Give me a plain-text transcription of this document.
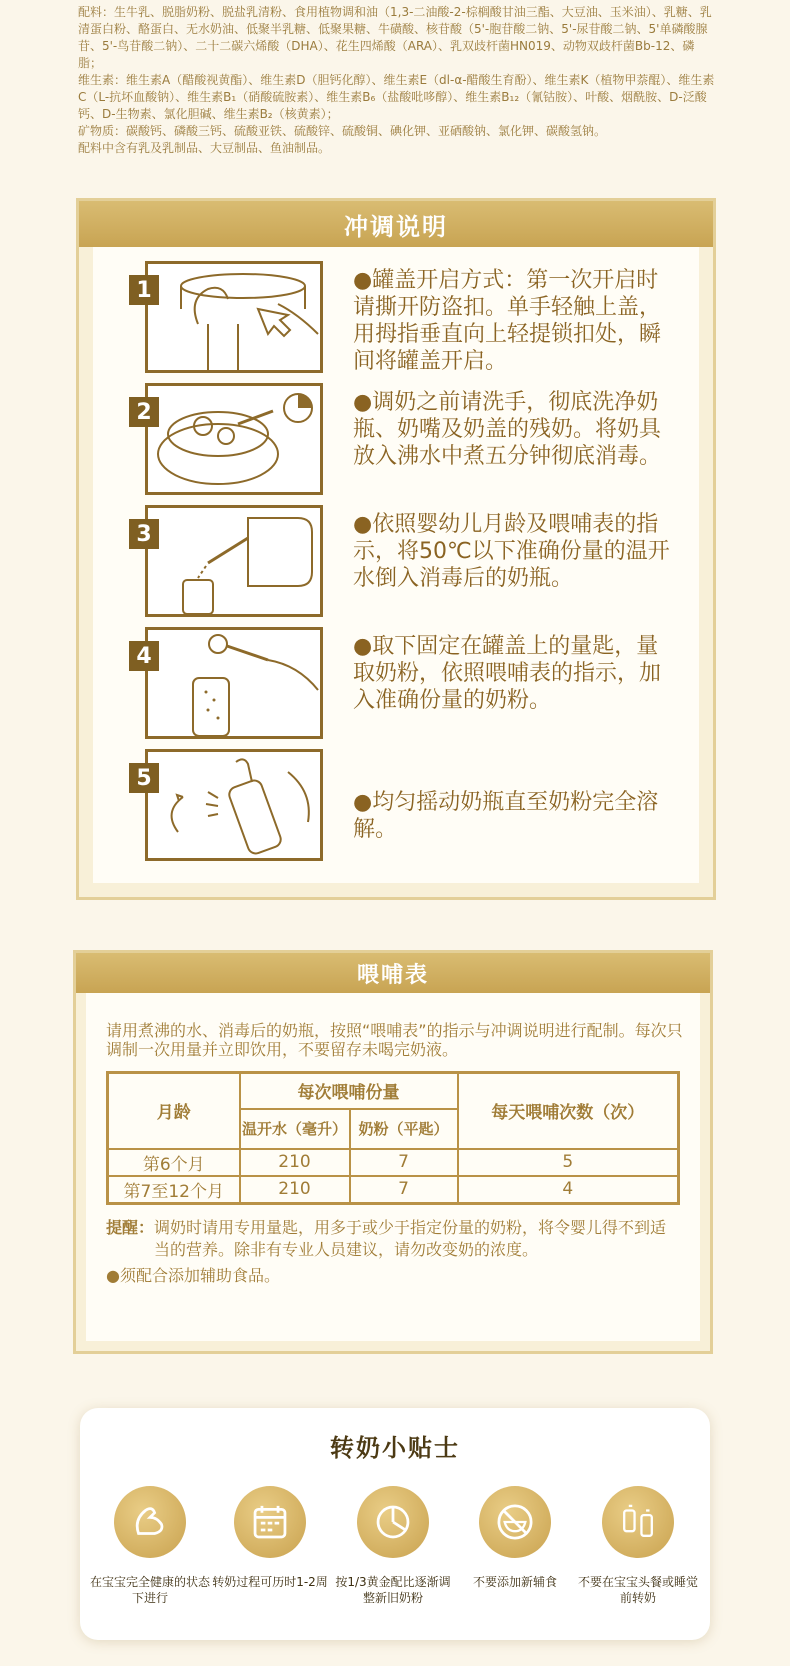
配料：生牛乳、脱脂奶粉、脱盐乳清粉、食用植物调和油（1,3-二油酸-2-棕榈酸甘油三酯、大豆油、玉米油）、乳糖、乳清蛋白粉、酪蛋白、无水奶油、低聚半乳糖、低聚果糖、牛磺酸、核苷酸（5'-胞苷酸二钠、5'-尿苷酸二钠、5'单磷酸腺苷、5'-鸟苷酸二钠）、二十二碳六烯酸（DHA）、花生四烯酸（ARA）、乳双歧杆菌HN019、动物双歧杆菌Bb-12、磷脂；

维生素：维生素A（醋酸视黄酯）、维生素D（胆钙化醇）、维生素E（dl-α-醋酸生育酚）、维生素K（植物甲萘醌）、维生素C（L-抗坏血酸钠）、维生素B₁（硝酸硫胺素）、维生素B₆（盐酸吡哆醇）、维生素B₁₂（氰钴胺）、叶酸、烟酰胺、D-泛酸钙、D-生物素、氯化胆碱、维生素B₂（核黄素）；

矿物质：碳酸钙、磷酸三钙、硫酸亚铁、硫酸锌、硫酸铜、碘化钾、亚硒酸钠、氯化钾、碳酸氢钠。

配料中含有乳及乳制品、大豆制品、鱼油制品。

冲调说明
1	●罐盖开启方式：第一次开启时请撕开防盗扣。单手轻触上盖，用拇指垂直向上轻提锁扣处，瞬间将罐盖开启。
2	●调奶之前请洗手，彻底洗净奶瓶、奶嘴及奶盖的残奶。将奶具放入沸水中煮五分钟彻底消毒。
3	●依照婴幼儿月龄及喂哺表的指示，将50℃以下准确份量的温开水倒入消毒后的奶瓶。
4	●取下固定在罐盖上的量匙，量取奶粉，依照喂哺表的指示，加入准确份量的奶粉。
5
●均匀摇动奶瓶直至奶粉完全溶解。
喂哺表

请用煮沸的水、消毒后的奶瓶，按照“喂哺表”的指示与冲调说明进行配制。每次只调制一次用量并立即饮用，不要留存未喝完奶液。

月龄	每次喂哺份量		每天喂哺次数（次）
	温开水（毫升）	奶粉（平匙）	
第6个月	210	7	5
第7至12个月	210	7	4
提醒： 调奶时请用专用量匙，用多于或少于指定份量的奶粉，将令婴儿得不到适当的营养。除非有专业人员建议，请勿改变奶的浓度。
●须配合添加辅助食品。
转奶小贴士
在宝宝完全健康的状态下进行
转奶过程可历时1-2周 按1/3黄金配比逐渐调整新旧奶粉
不要添加新辅食	不要在宝宝头餐或睡觉前转奶
